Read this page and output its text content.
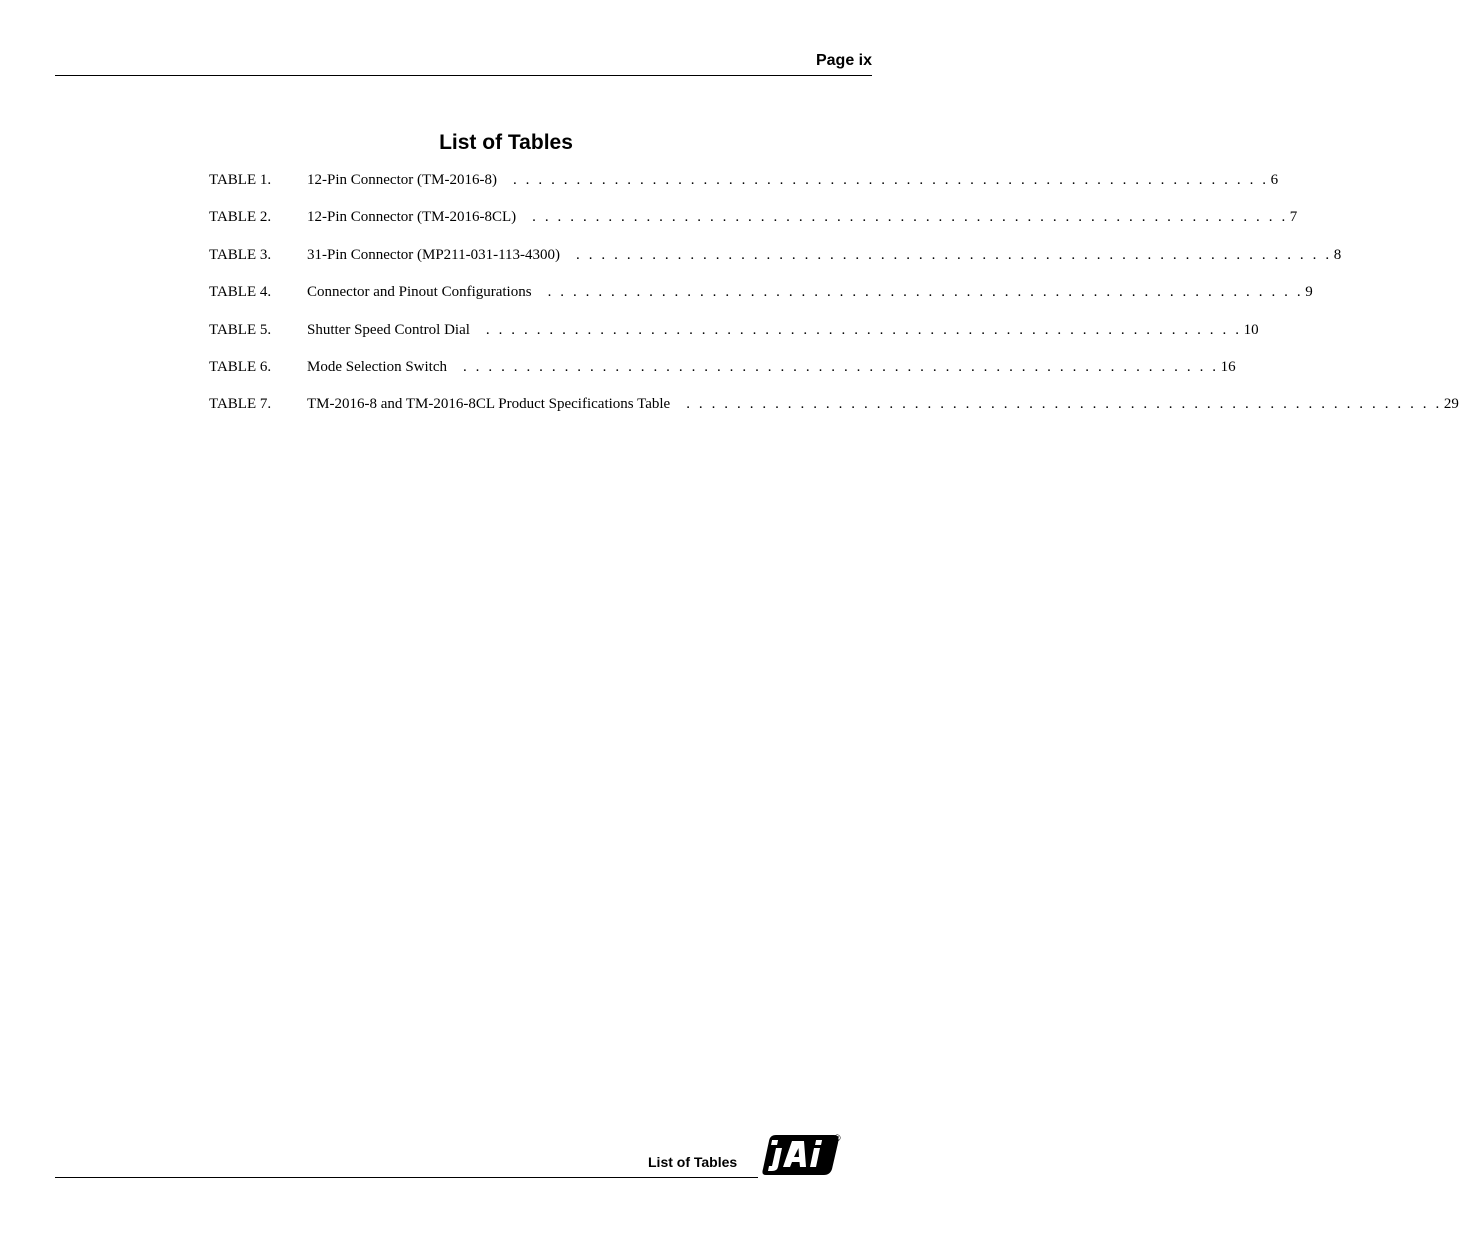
Page ix
List of Tables
TABLE 1.	12-Pin Connector (TM-2016-8)	. . . . . . . . . . . . . . . . . . . . . . . . . . . . . . . . . . . . . . . . . . . . . . . . . . . . . . . . . . . . 6
TABLE 2.	12-Pin Connector (TM-2016-8CL)	. . . . . . . . . . . . . . . . . . . . . . . . . . . . . . . . . . . . . . . . . . . . . . . . . . . . . . . . . . . . 7
TABLE 3.	31-Pin Connector (MP211-031-113-4300)	. . . . . . . . . . . . . . . . . . . . . . . . . . . . . . . . . . . . . . . . . . . . . . . . . . . . . . . . . . . . 8
TABLE 4.	Connector and Pinout Configurations	. . . . . . . . . . . . . . . . . . . . . . . . . . . . . . . . . . . . . . . . . . . . . . . . . . . . . . . . . . . . 9
TABLE 5.	Shutter Speed Control Dial	. . . . . . . . . . . . . . . . . . . . . . . . . . . . . . . . . . . . . . . . . . . . . . . . . . . . . . . . . . . . 10
TABLE 6.	Mode Selection Switch	. . . . . . . . . . . . . . . . . . . . . . . . . . . . . . . . . . . . . . . . . . . . . . . . . . . . . . . . . . . . 16
TABLE 7.	TM-2016-8 and TM-2016-8CL Product Specifications Table	. . . . . . . . . . . . . . . . . . . . . . . . . . . . . . . . . . . . . . . . . . . . . . . . . . . . . . . . . . . . 29
List of Tables
®
